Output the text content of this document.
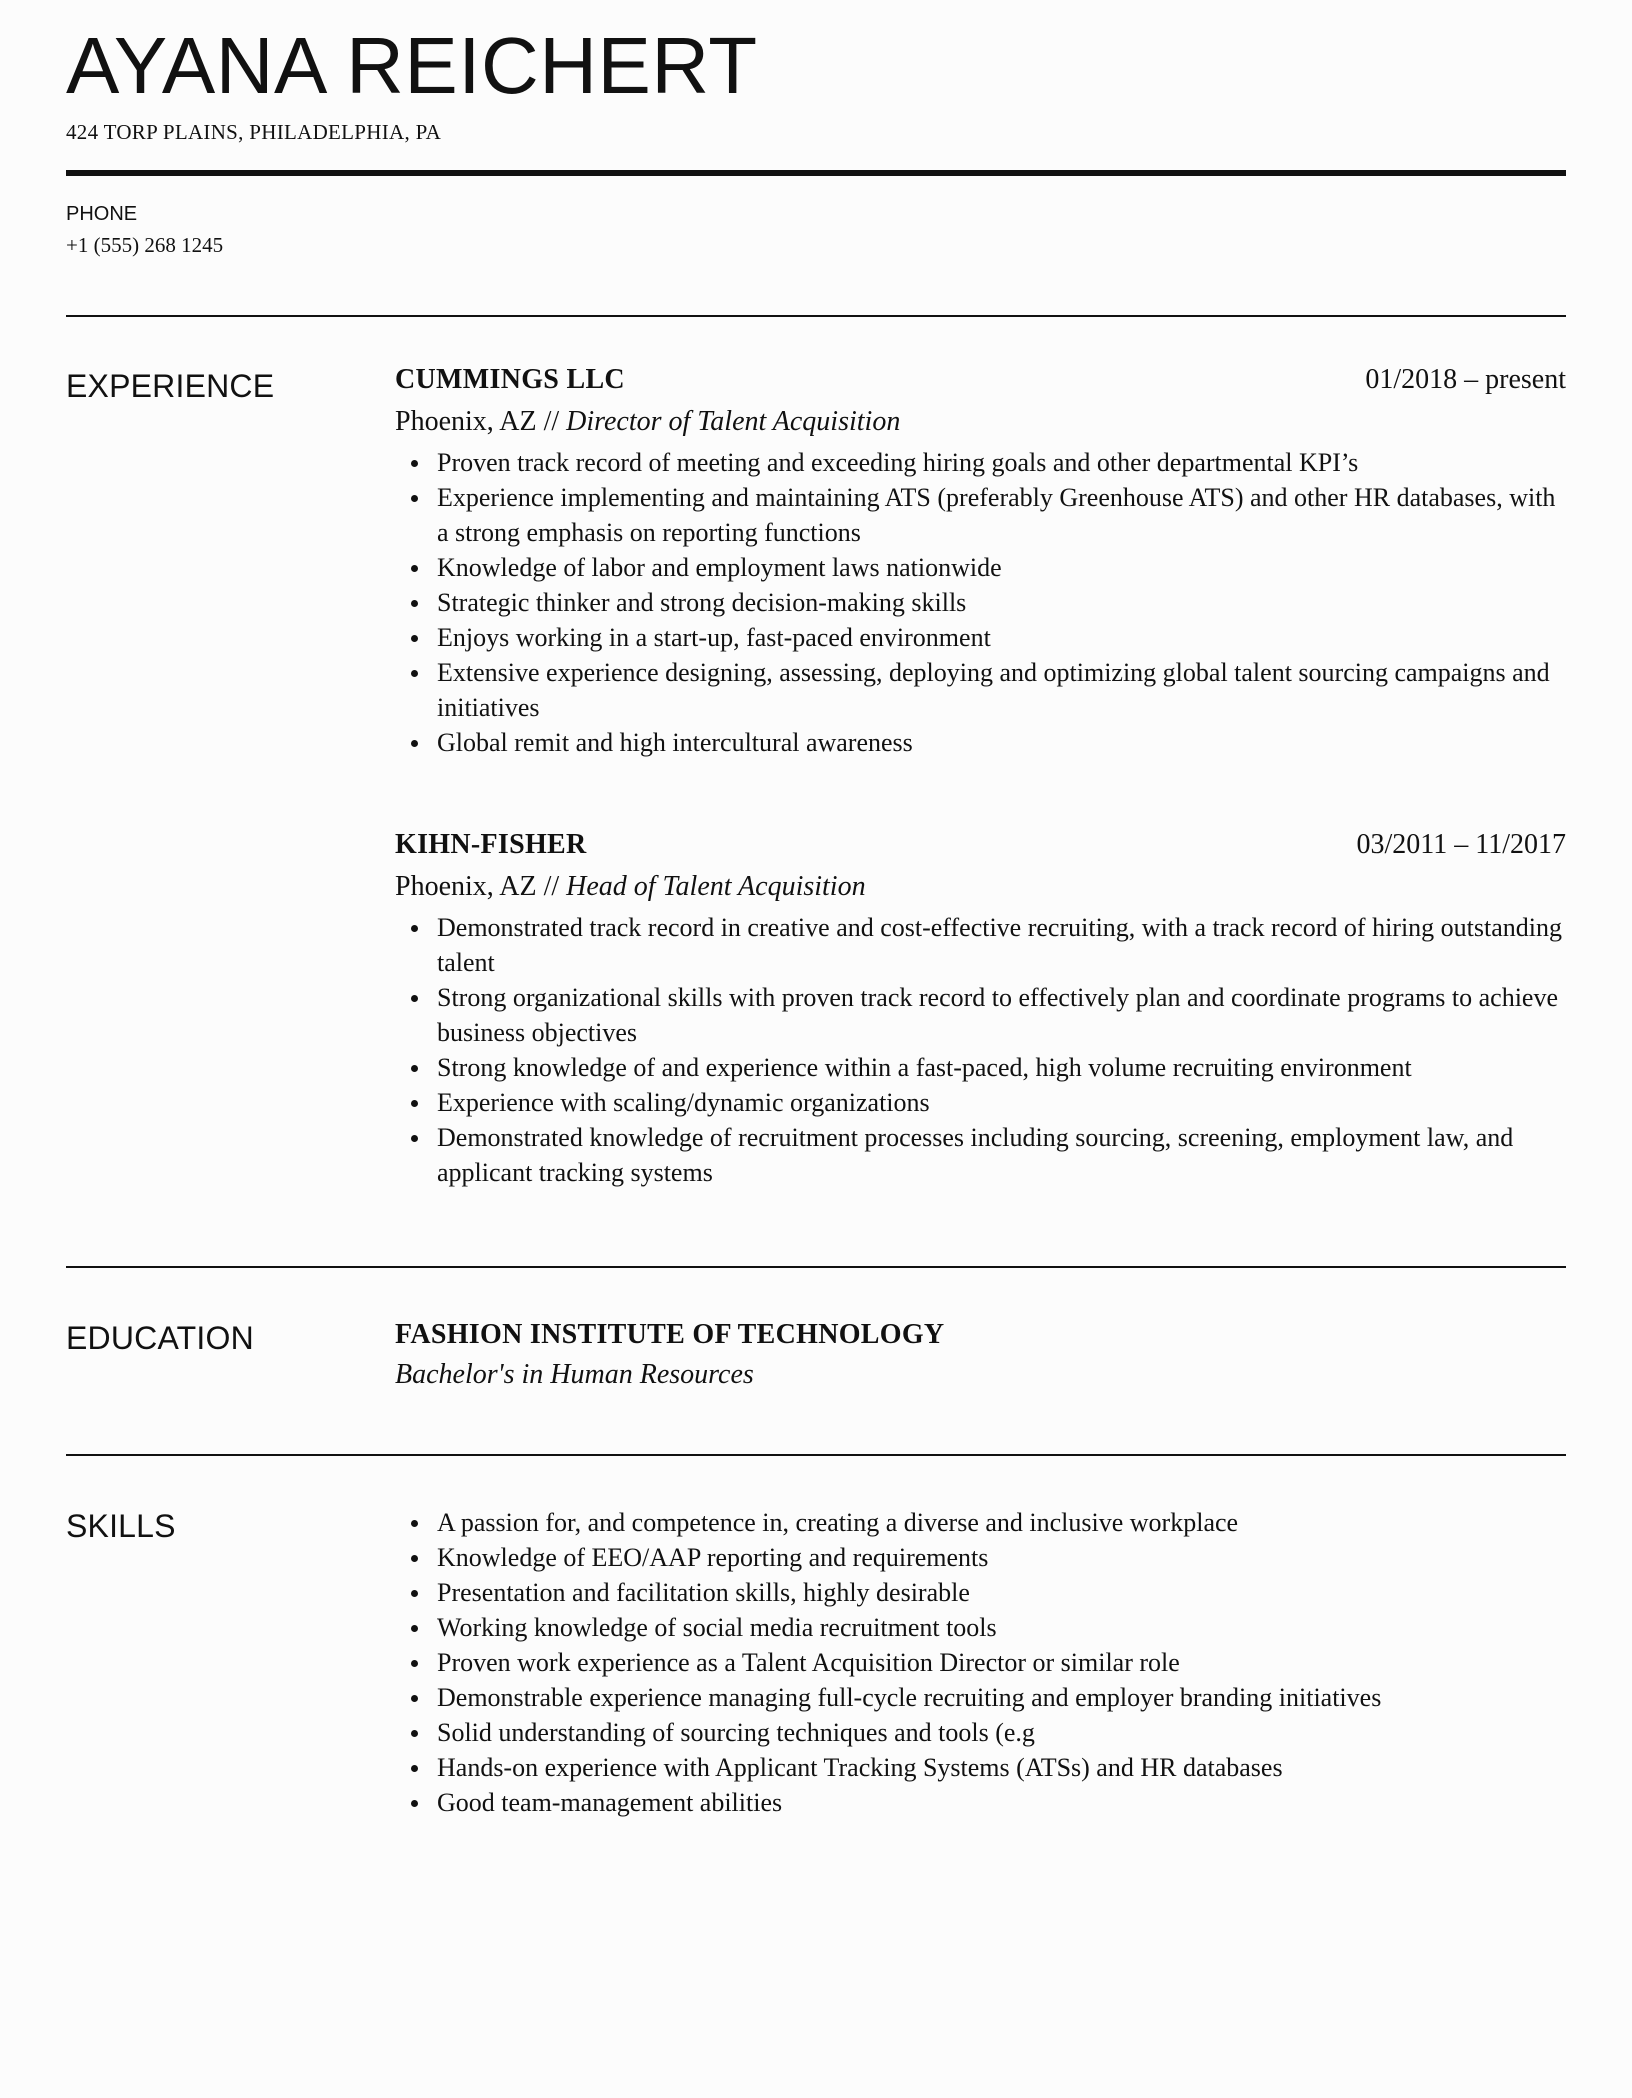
AYANA REICHERT
424 TORP PLAINS, PHILADELPHIA, PA
PHONE
+1 (555) 268 1245
EXPERIENCE	CUMMINGS LLC	01/2018 – present
Phoenix, AZ // Director of Talent Acquisition
Proven track record of meeting and exceeding hiring goals and other departmental KPI’s
Experience implementing and maintaining ATS (preferably Greenhouse ATS) and other HR databases, with a strong emphasis on reporting functions
Knowledge of labor and employment laws nationwide
Strategic thinker and strong decision-making skills
Enjoys working in a start-up, fast-paced environment
Extensive experience designing, assessing, deploying and optimizing global talent sourcing campaigns and initiatives
Global remit and high intercultural awareness
KIHN-FISHER	03/2011 – 11/2017
Phoenix, AZ // Head of Talent Acquisition
Demonstrated track record in creative and cost-effective recruiting, with a track record of hiring outstanding talent
Strong organizational skills with proven track record to effectively plan and coordinate programs to achieve business objectives
Strong knowledge of and experience within a fast-paced, high volume recruiting environment
Experience with scaling/dynamic organizations
Demonstrated knowledge of recruitment processes including sourcing, screening, employment law, and applicant tracking systems
EDUCATION	FASHION INSTITUTE OF TECHNOLOGY
Bachelor's in Human Resources
SKILLS	A passion for, and competence in, creating a diverse and inclusive workplace
Knowledge of EEO/AAP reporting and requirements
Presentation and facilitation skills, highly desirable
Working knowledge of social media recruitment tools
Proven work experience as a Talent Acquisition Director or similar role
Demonstrable experience managing full-cycle recruiting and employer branding initiatives
Solid understanding of sourcing techniques and tools (e.g
Hands-on experience with Applicant Tracking Systems (ATSs) and HR databases
Good team-management abilities
